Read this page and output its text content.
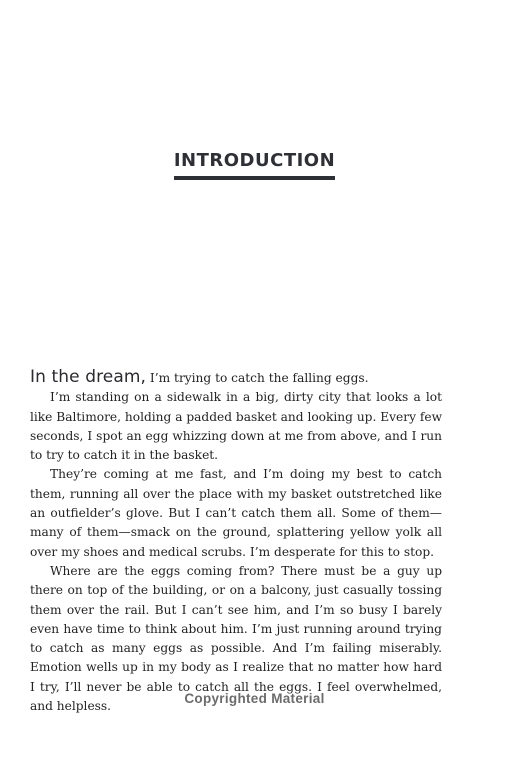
INTRODUCTION

In the dream, I’m trying to catch the falling eggs.

I’m standing on a sidewalk in a big, dirty city that looks a lot like Baltimore, holding a padded basket and looking up. Every few seconds, I spot an egg whizzing down at me from above, and I run to try to catch it in the basket.

They’re coming at me fast, and I’m doing my best to catch them, running all over the place with my basket outstretched like an outfielder’s glove. But I can’t catch them all. Some of them—many of them—smack on the ground, splattering yellow yolk all over my shoes and medical scrubs. I’m desperate for this to stop.

Where are the eggs coming from? There must be a guy up there on top of the building, or on a balcony, just casually tossing them over the rail. But I can’t see him, and I’m so busy I barely even have time to think about him. I’m just running around trying to catch as many eggs as possible. And I’m failing miserably. Emotion wells up in my body as I realize that no matter how hard I try, I’ll never be able to catch all the eggs. I feel overwhelmed, and helpless.

Copyrighted Material
